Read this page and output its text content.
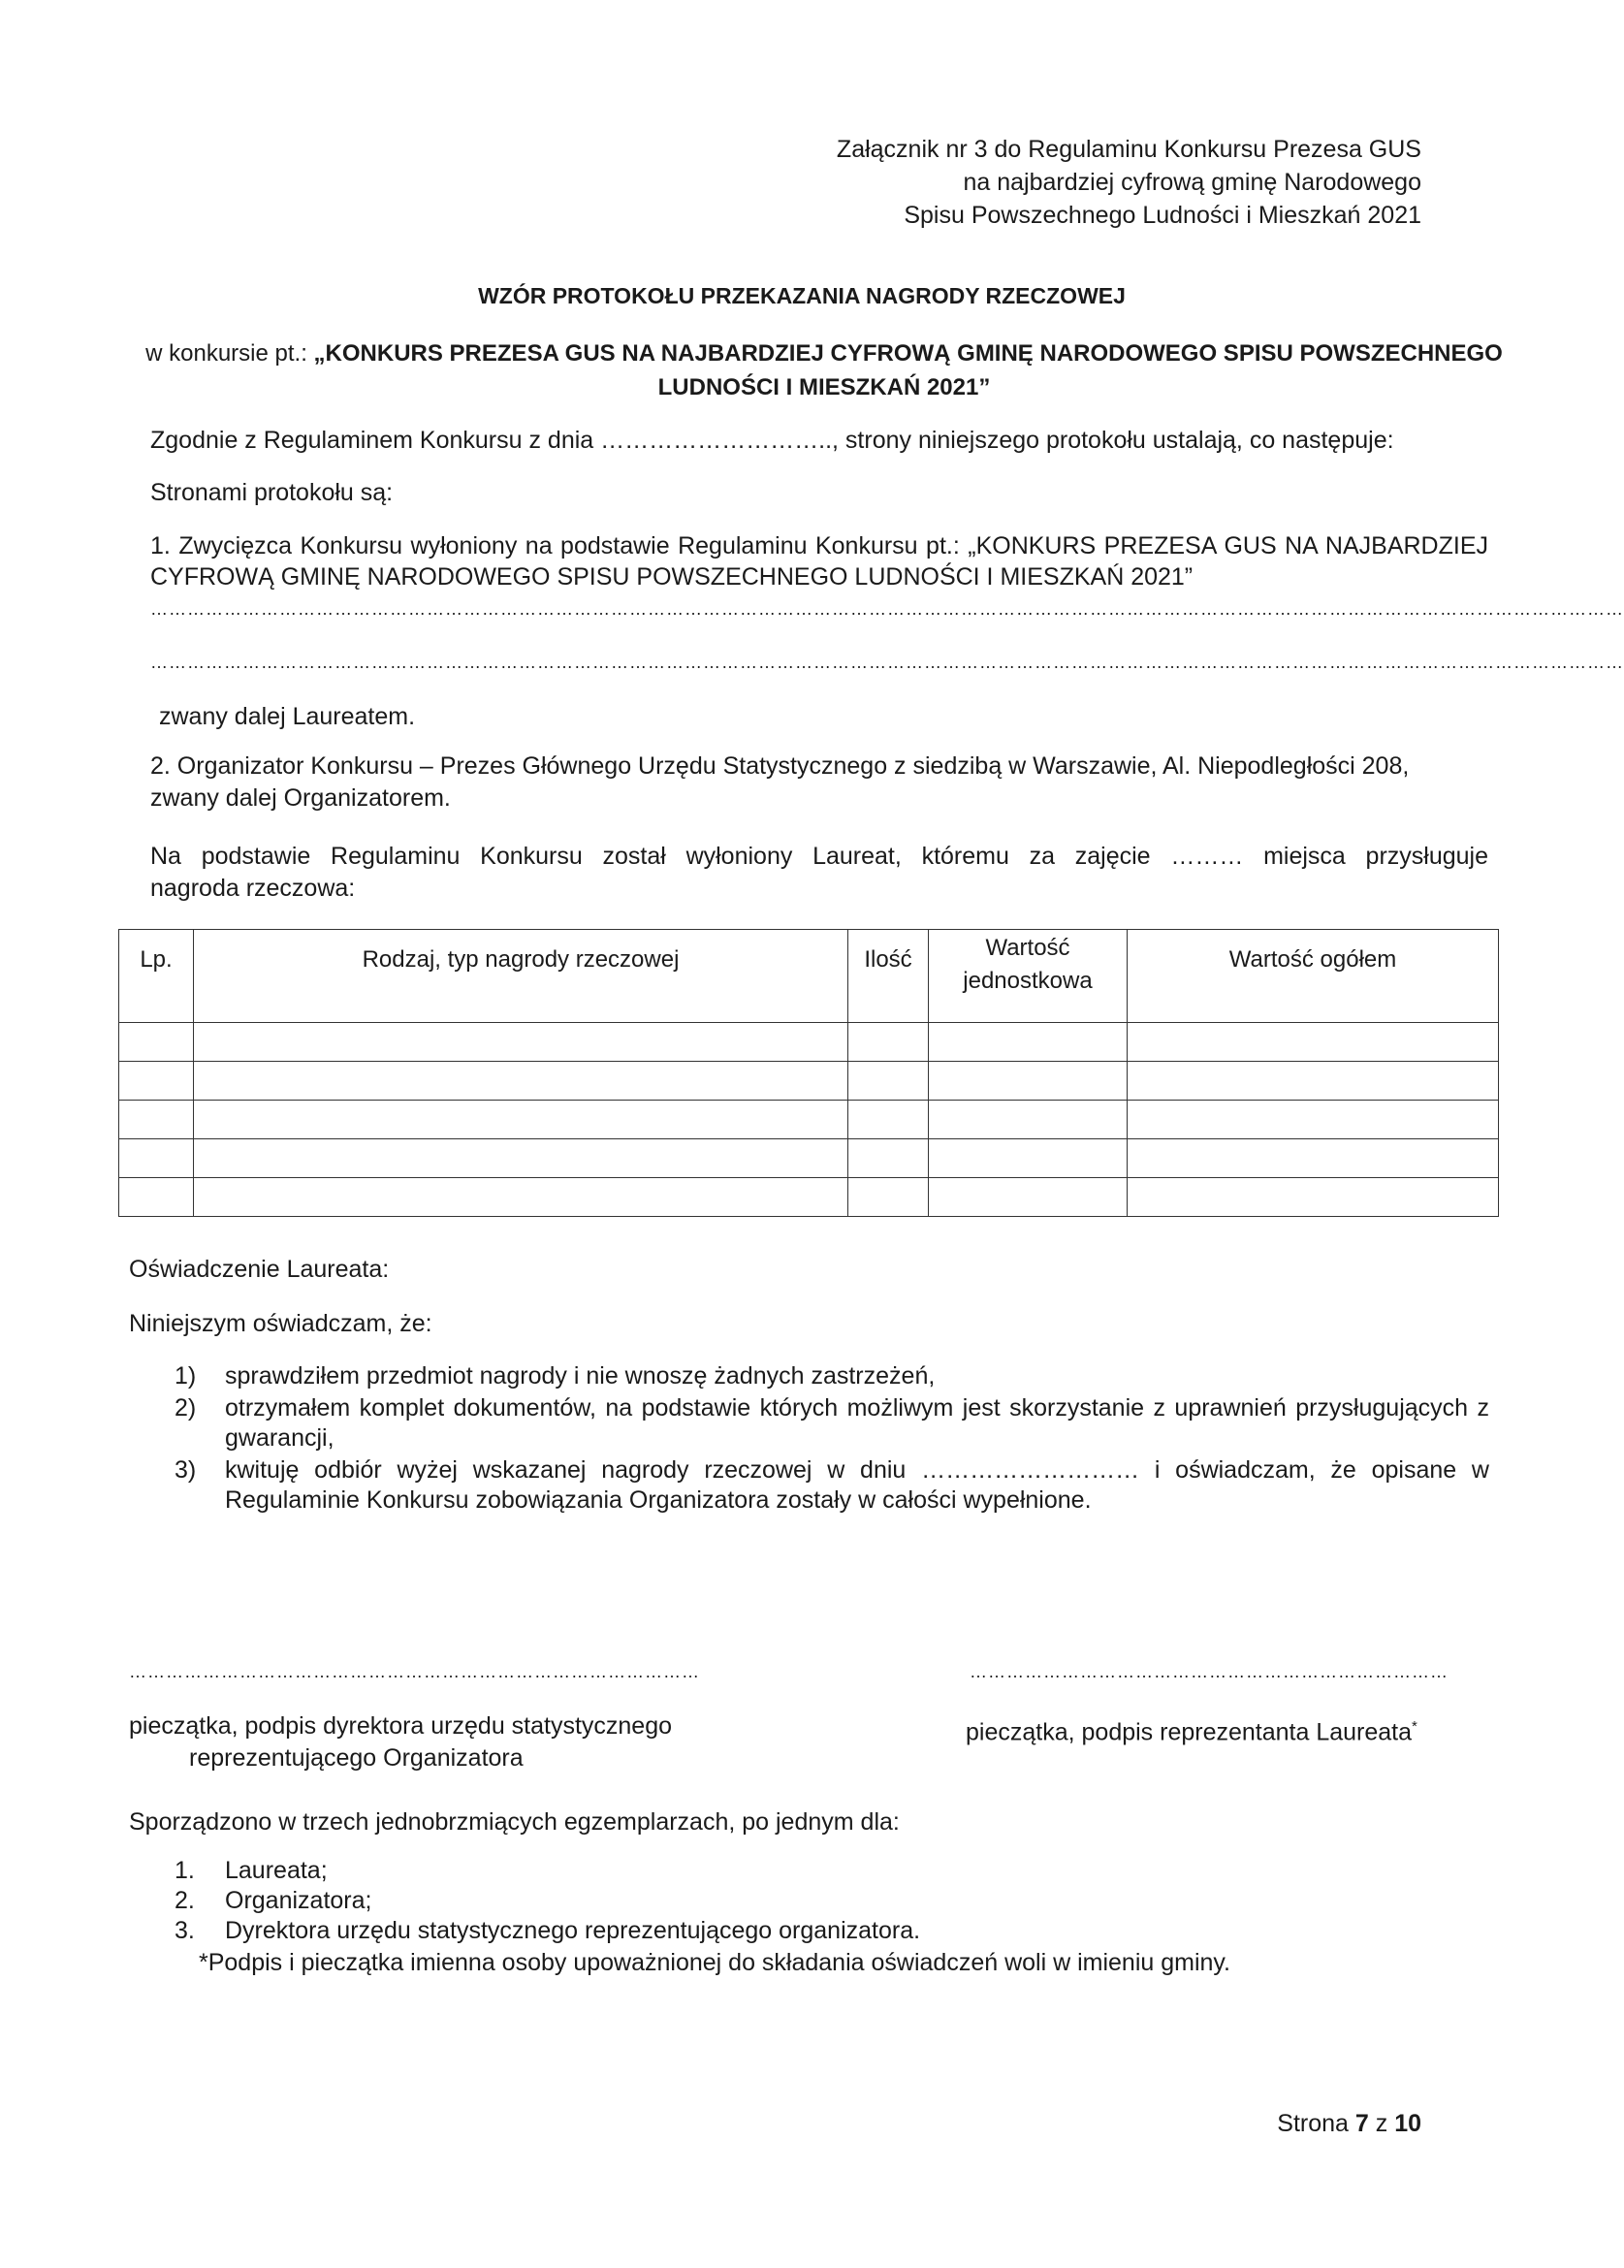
Załącznik nr 3 do Regulaminu Konkursu Prezesa GUS
na najbardziej cyfrową gminę Narodowego
Spisu Powszechnego Ludności i Mieszkań 2021
WZÓR PROTOKOŁU PRZEKAZANIA NAGRODY RZECZOWEJ
w konkursie pt.: „KONKURS PREZESA GUS NA NAJBARDZIEJ CYFROWĄ GMINĘ NARODOWEGO SPISU POWSZECHNEGO LUDNOŚCI I MIESZKAŃ 2021”

Zgodnie z Regulaminem Konkursu z dnia ……………………….., strony niniejszego protokołu ustalają, co następuje:

Stronami protokołu są:

1. Zwycięzca Konkursu wyłoniony na podstawie Regulaminu Konkursu pt.: „KONKURS PREZESA GUS NA NAJBARDZIEJ CYFROWĄ GMINĘ NARODOWEGO SPISU POWSZECHNEGO LUDNOŚCI I MIESZKAŃ 2021”

……………………………………………………………………………………………………………………………………………………………………………………………………………………
……………………………………………………………………………………………………………………………………………………………………………………………………………………

zwany dalej Laureatem.

2. Organizator Konkursu – Prezes Głównego Urzędu Statystycznego z siedzibą w Warszawie, Al. Niepodległości 208,
zwany dalej Organizatorem.
Na podstawie Regulaminu Konkursu został wyłoniony Laureat, któremu za zajęcie ……… miejsca przysługuje
nagroda rzeczowa:
Lp.	Rodzaj, typ nagrody rzeczowej	Ilość	Wartość jednostkowa	Wartość ogółem

Oświadczenie Laureata:

Niniejszym oświadczam, że:

1) sprawdziłem przedmiot nagrody i nie wnoszę żadnych zastrzeżeń,
2) otrzymałem komplet dokumentów, na podstawie których możliwym jest skorzystanie z uprawnień przysługujących z gwarancji,
3) kwituję odbiór wyżej wskazanej nagrody rzeczowej w dniu ……………………… i oświadczam, że opisane w Regulaminie Konkursu zobowiązania Organizatora zostały w całości wypełnione.
…………………………………………………………………………………	……………………………………………………………………
pieczątka, podpis dyrektora urzędu statystycznego
reprezentującego Organizatora
pieczątka, podpis reprezentanta Laureata*

Sporządzono w trzech jednobrzmiących egzemplarzach, po jednym dla:

1. Laureata;
2. Organizatora;
3. Dyrektora urzędu statystycznego reprezentującego organizatora.

*Podpis i pieczątka imienna osoby upoważnionej do składania oświadczeń woli w imieniu gminy.

Strona 7 z 10
